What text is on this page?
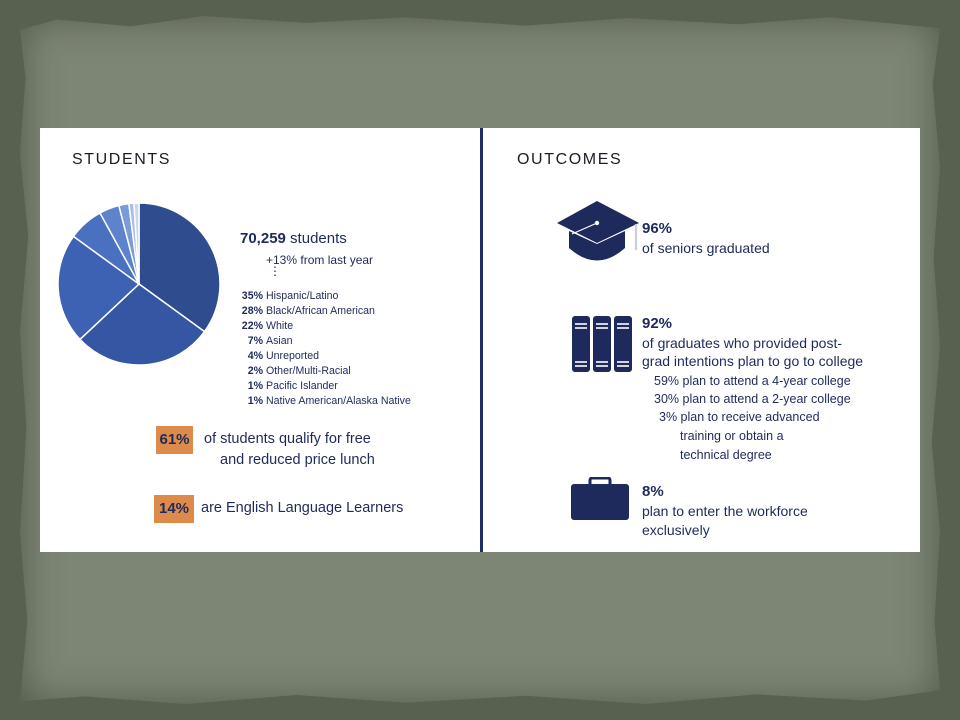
STUDENTS	OUTCOMES
70,259 students
+13% from last year
⋮
35% Hispanic/Latino
28% Black/African American
22% White
7% Asian
4% Unreported
2% Other/Multi-Racial
1% Pacific Islander
1% Native American/Alaska Native
61% of students qualify for free
and reduced price lunch
14% are English Language Learners
96%
of seniors graduated
92%
of graduates who provided post-
grad intentions plan to go to college
59% plan to attend a 4-year college
30% plan to attend a 2-year college
3% plan to receive advanced
training or obtain a
technical degree
8%
plan to enter the workforce
exclusively
